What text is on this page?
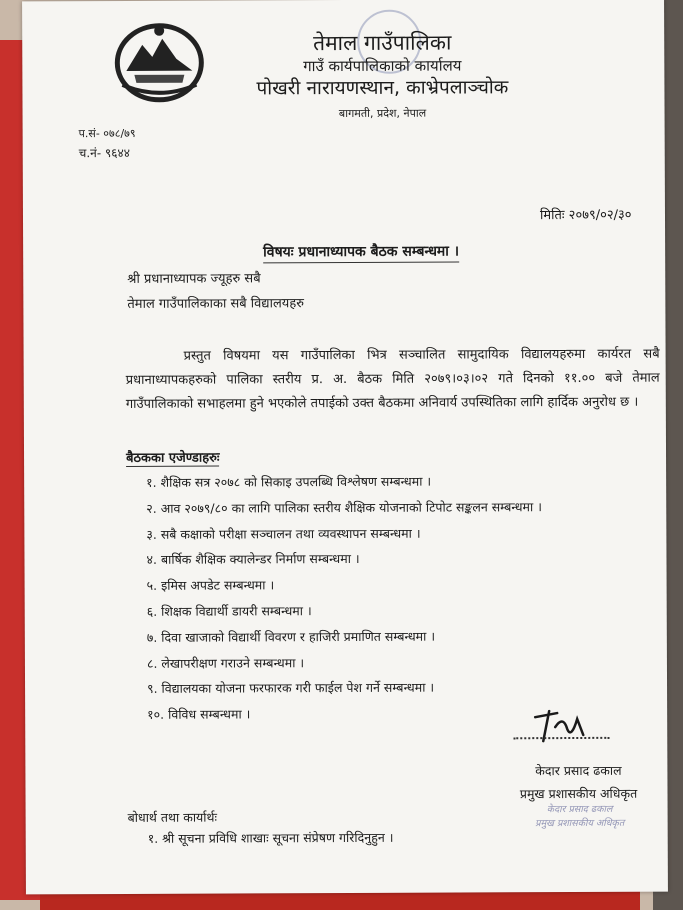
तेमाल गाउँपालिका
गाउँ कार्यपालिकाको कार्यालय
पोखरी नारायणस्थान, काभ्रेपलाञ्चोक
बागमती, प्रदेश, नेपाल
प.सं- ०७८/७९
च.नं- ९६४४
मितिः २०७९/०२/३०
विषयः प्रधानाध्यापक बैठक सम्बन्धमा ।
श्री प्रधानाध्यापक ज्यूहरु सबै
तेमाल गाउँपालिकाका सबै विद्यालयहरु
प्रस्तुत विषयमा यस गाउँपालिका भित्र सञ्चालित सामुदायिक विद्यालयहरुमा कार्यरत सबै प्रधानाध्यापकहरुको पालिका स्तरीय प्र. अ. बैठक मिति २०७९।०३।०२ गते दिनको ११.०० बजे तेमाल गाउँपालिकाको सभाहलमा हुने भएकोले तपाईको उक्त बैठकमा अनिवार्य उपस्थितिका लागि हार्दिक अनुरोध छ ।
बैठकका एजेण्डाहरुः
१. शैक्षिक सत्र २०७८ को सिकाइ उपलब्धि विश्लेषण सम्बन्धमा ।
२. आव २०७९/८० का लागि पालिका स्तरीय शैक्षिक योजनाको टिपोट सङ्कलन सम्बन्धमा ।
३. सबै कक्षाको परीक्षा सञ्चालन तथा व्यवस्थापन सम्बन्धमा ।
४. बार्षिक शैक्षिक क्यालेन्डर निर्माण सम्बन्धमा ।
५. इमिस अपडेट सम्बन्धमा ।
६. शिक्षक विद्यार्थी डायरी सम्बन्धमा ।
७. दिवा खाजाको विद्यार्थी विवरण र हाजिरी प्रमाणित सम्बन्धमा ।
८. लेखापरीक्षण गराउने सम्बन्धमा ।
९. विद्यालयका योजना फरफारक गरी फाईल पेश गर्ने सम्बन्धमा ।
१०. विविध सम्बन्धमा ।
केदार प्रसाद ढकाल
प्रमुख प्रशासकीय अधिकृत
केदार प्रसाद ढकाल
प्रमुख प्रशासकीय अधिकृत
बोधार्थ तथा कार्यार्थः
१. श्री सूचना प्रविधि शाखाः सूचना संप्रेषण गरिदिनुहुन ।
